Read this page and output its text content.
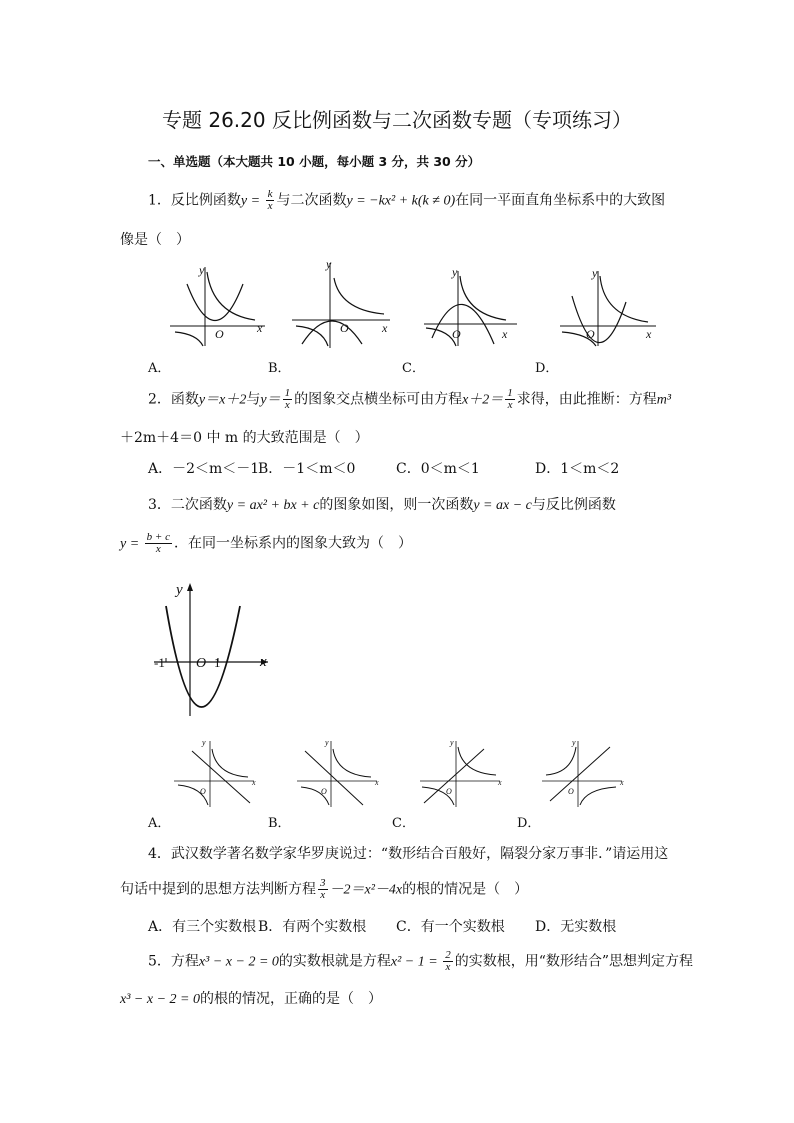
专题 26.20 反比例函数与二次函数专题（专项练习）
一、单选题（本大题共 10 小题，每小题 3 分，共 30 分）
1．反比例函数$y = \frac{k}{x}$ 与二次函数y = −kx² + k(k ≠ 0)在同一平面直角坐标系中的大致图
像是（　）
y
x
O
y
x
O
y
x
O
y
x
O
A．	B．	C．	D．
2．函数y＝x＋2与$y= \frac{1}{x}$ 的图象交点横坐标可由方程$x+2= \frac{1}{x}$ 求得，由此推断：方程m³
＋2m＋4＝0 中 m 的大致范围是（　）
A．－2＜m＜－1
B．－1＜m＜0	C．0＜m＜1	D．1＜m＜2
3．二次函数y = ax² + bx + c的图象如图，则一次函数y = ax − c与反比例函数
$y = \frac{b + c}{x}$ ．在同一坐标系内的图象大致为（　）
y
x
-1 O 1
y
x
O
y
x
O
y
x
O
y
x
O
A．	B．	C．	D．
4．武汉数学著名数学家华罗庚说过：“数形结合百般好，隔裂分家万事非．”请运用这
句话中提到的思想方法判断方程 $\frac{3}{x} -2=x^2-4x$的根的情况是（　）
A．有三个实数根 B．有两个实数根 C．有一个实数根 D．无实数根
5．方程x³ − x − 2 = 0的实数根就是方程$x^2 - 1 = \frac{2}{x}$ 的实数根，用“数形结合”思想判定方程
x³ − x − 2 = 0的根的情况，正确的是（　）
